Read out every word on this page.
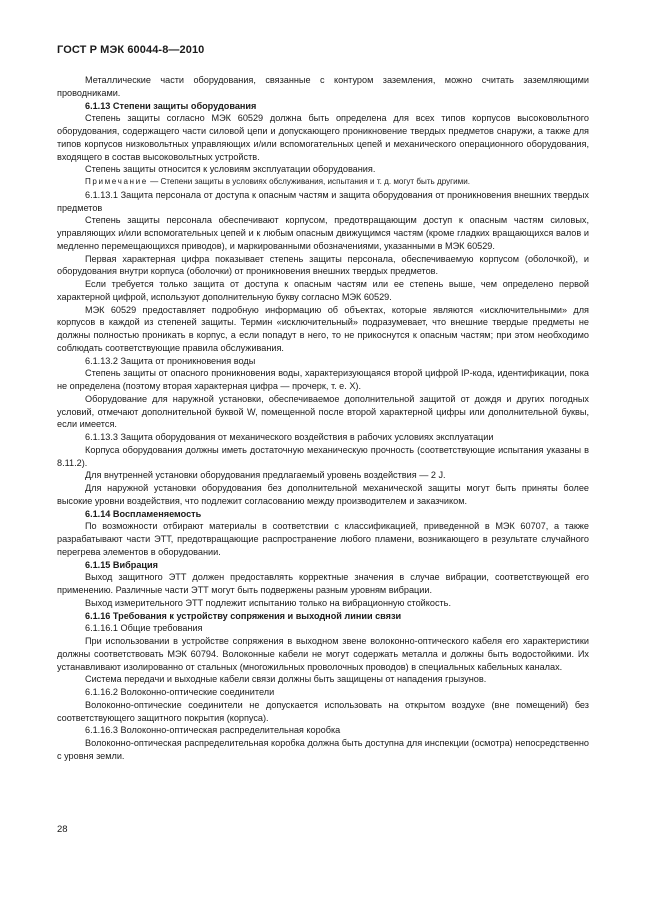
ГОСТ Р МЭК 60044-8—2010

Металлические части оборудования, связанные с контуром заземления, можно считать заземляющими проводниками.

6.1.13 Степени защиты оборудования

Степень защиты согласно МЭК 60529 должна быть определена для всех типов корпусов высоковольтного оборудования, содержащего части силовой цепи и допускающего проникновение твердых предметов снаружи, а также для типов корпусов низковольтных управляющих и/или вспомогательных цепей и механического операционного оборудования, входящего в состав высоковольтных устройств.

Степень защиты относится к условиям эксплуатации оборудования.

Примечание — Степени защиты в условиях обслуживания, испытания и т. д. могут быть другими.

6.1.13.1 Защита персонала от доступа к опасным частям и защита оборудования от проникновения внешних твердых предметов

Степень защиты персонала обеспечивают корпусом, предотвращающим доступ к опасным частям силовых, управляющих и/или вспомогательных цепей и к любым опасным движущимся частям (кроме гладких вращающихся валов и медленно перемещающихся приводов), и маркированными обозначениями, указанными в МЭК 60529.

Первая характерная цифра показывает степень защиты персонала, обеспечиваемую корпусом (оболочкой), и оборудования внутри корпуса (оболочки) от проникновения внешних твердых предметов.

Если требуется только защита от доступа к опасным частям или ее степень выше, чем определено первой характерной цифрой, используют дополнительную букву согласно МЭК 60529.

МЭК 60529 предоставляет подробную информацию об объектах, которые являются «исключительными» для корпусов в каждой из степеней защиты. Термин «исключительный» подразумевает, что внешние твердые предметы не должны полностью проникать в корпус, а если попадут в него, то не прикоснутся к опасным частям; при этом необходимо соблюдать соответствующие правила обслуживания.

6.1.13.2 Защита от проникновения воды

Степень защиты от опасного проникновения воды, характеризующаяся второй цифрой IP-кода, идентификации, пока не определена (поэтому вторая характерная цифра — прочерк, т. е. X).

Оборудование для наружной установки, обеспечиваемое дополнительной защитой от дождя и других погодных условий, отмечают дополнительной буквой W, помещенной после второй характерной цифры или дополнительной буквы, если имеется.

6.1.13.3 Защита оборудования от механического воздействия в рабочих условиях эксплуатации

Корпуса оборудования должны иметь достаточную механическую прочность (соответствующие испытания указаны в 8.11.2).

Для внутренней установки оборудования предлагаемый уровень воздействия — 2 J.

Для наружной установки оборудования без дополнительной механической защиты могут быть приняты более высокие уровни воздействия, что подлежит согласованию между производителем и заказчиком.

6.1.14 Воспламеняемость

По возможности отбирают материалы в соответствии с классификацией, приведенной в МЭК 60707, а также разрабатывают части ЭТТ, предотвращающие распространение любого пламени, возникающего в результате случайного перегрева элементов в оборудовании.

6.1.15 Вибрация

Выход защитного ЭТТ должен предоставлять корректные значения в случае вибрации, соответствующей его применению. Различные части ЭТТ могут быть подвержены разным уровням вибрации.

Выход измерительного ЭТТ подлежит испытанию только на вибрационную стойкость.

6.1.16 Требования к устройству сопряжения и выходной линии связи

6.1.16.1 Общие требования

При использовании в устройстве сопряжения в выходном звене волоконно-оптического кабеля его характеристики должны соответствовать МЭК 60794. Волоконные кабели не могут содержать металла и должны быть водостойкими. Их устанавливают изолированно от стальных (многожильных проволочных проводов) в специальных кабельных каналах.

Система передачи и выходные кабели связи должны быть защищены от нападения грызунов.

6.1.16.2 Волоконно-оптические соединители

Волоконно-оптические соединители не допускается использовать на открытом воздухе (вне помещений) без соответствующего защитного покрытия (корпуса).

6.1.16.3 Волоконно-оптическая распределительная коробка

Волоконно-оптическая распределительная коробка должна быть доступна для инспекции (осмотра) непосредственно с уровня земли.

28
